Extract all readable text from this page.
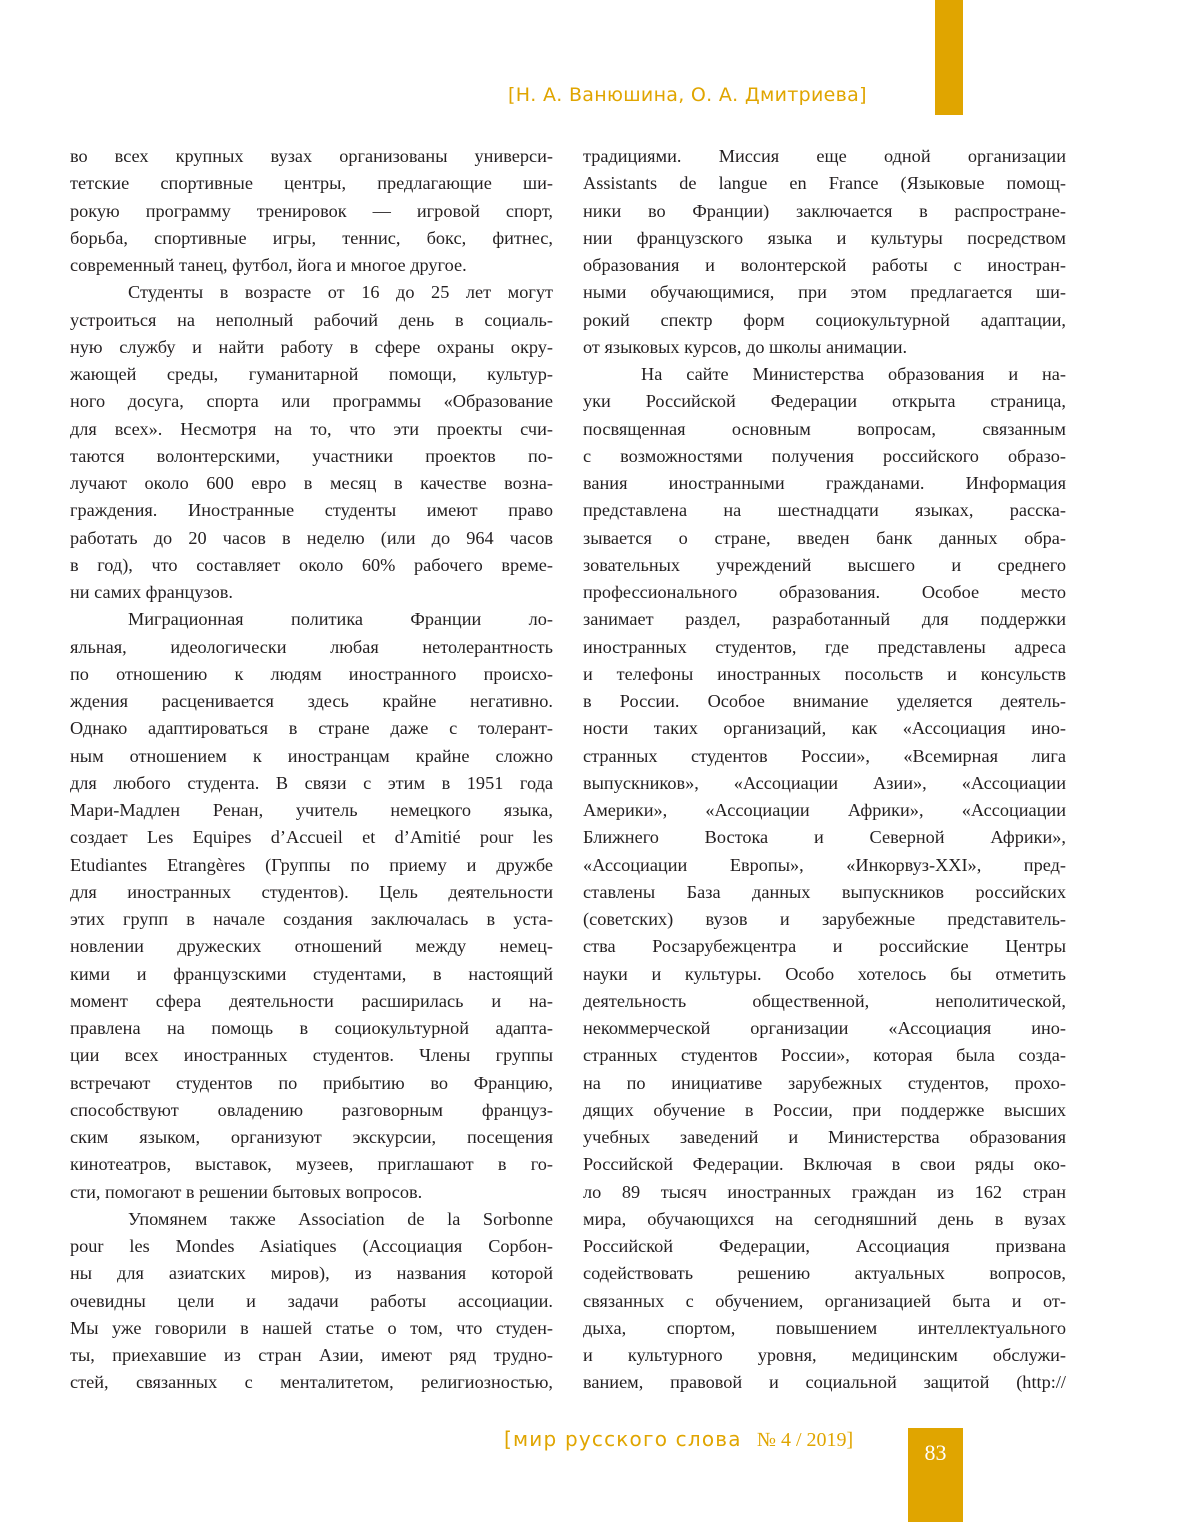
[Н. А. Ванюшина, О. А. Дмитриева]
во всех крупных вузах организованы универси-
тетские спортивные центры, предлагающие ши-
рокую программу тренировок — игровой спорт,
борьба, спортивные игры, теннис, бокс, фитнес,
современный танец, футбол, йога и многое другое.
Студенты в возрасте от 16 до 25 лет могут
устроиться на неполный рабочий день в социаль-
ную службу и найти работу в сфере охраны окру-
жающей среды, гуманитарной помощи, культур-
ного досуга, спорта или программы «Образование
для всех». Несмотря на то, что эти проекты счи-
таются волонтерскими, участники проектов по-
лучают около 600 евро в месяц в качестве возна-
граждения. Иностранные студенты имеют право
работать до 20 часов в неделю (или до 964 часов
в год), что составляет около 60% рабочего време-
ни самих французов.
Миграционная политика Франции ло-
яльная, идеологически любая нетолерантность
по отношению к людям иностранного происхо-
ждения расценивается здесь крайне негативно.
Однако адаптироваться в стране даже с толерант-
ным отношением к иностранцам крайне сложно
для любого студента. В связи с этим в 1951 года
Мари-Мадлен Ренан, учитель немецкого языка,
создает Les Equipes d’Accueil et d’Amitié pour les
Etudiantes Etrangères (Группы по приему и дружбе
для иностранных студентов). Цель деятельности
этих групп в начале создания заключалась в уста-
новлении дружеских отношений между немец-
кими и французскими студентами, в настоящий
момент сфера деятельности расширилась и на-
правлена на помощь в социокультурной адапта-
ции всех иностранных студентов. Члены группы
встречают студентов по прибытию во Францию,
способствуют овладению разговорным француз-
ским языком, организуют экскурсии, посещения
кинотеатров, выставок, музеев, приглашают в го-
сти, помогают в решении бытовых вопросов.
Упомянем также Association de la Sorbonne
pour les Mondes Asiatiques (Ассоциация Сорбон-
ны для азиатских миров), из названия которой
очевидны цели и задачи работы ассоциации.
Мы уже говорили в нашей статье о том, что студен-
ты, приехавшие из стран Азии, имеют ряд трудно-
стей, связанных с менталитетом, религиозностью,
традициями. Миссия еще одной организации
Assistants de langue en France (Языковые помощ-
ники во Франции) заключается в распростране-
нии французского языка и культуры посредством
образования и волонтерской работы с иностран-
ными обучающимися, при этом предлагается ши-
рокий спектр форм социокультурной адаптации,
от языковых курсов, до школы анимации.
На сайте Министерства образования и на-
уки Российской Федерации открыта страница,
посвященная основным вопросам, связанным
с возможностями получения российского образо-
вания иностранными гражданами. Информация
представлена на шестнадцати языках, расска-
зывается о стране, введен банк данных обра-
зовательных учреждений высшего и среднего
профессионального образования. Особое место
занимает раздел, разработанный для поддержки
иностранных студентов, где представлены адреса
и телефоны иностранных посольств и консульств
в России. Особое внимание уделяется деятель-
ности таких организаций, как «Ассоциация ино-
странных студентов России», «Всемирная лига
выпускников», «Ассоциации Азии», «Ассоциации
Америки», «Ассоциации Африки», «Ассоциации
Ближнего Востока и Северной Африки»,
«Ассоциации Европы», «Инкорвуз-XXI», пред-
ставлены База данных выпускников российских
(советских) вузов и зарубежные представитель-
ства Росзарубежцентра и российские Центры
науки и культуры. Особо хотелось бы отметить
деятельность общественной, неполитической,
некоммерческой организации «Ассоциация ино-
странных студентов России», которая была созда-
на по инициативе зарубежных студентов, прохо-
дящих обучение в России, при поддержке высших
учебных заведений и Министерства образования
Российской Федерации. Включая в свои ряды око-
ло 89 тысяч иностранных граждан из 162 стран
мира, обучающихся на сегодняшний день в вузах
Российской Федерации, Ассоциация призвана
содействовать решению актуальных вопросов,
связанных с обучением, организацией быта и от-
дыха, спортом, повышением интеллектуального
и культурного уровня, медицинским обслужи-
ванием, правовой и социальной защитой (http://
[мир русского слова № 4 / 2019]	83
